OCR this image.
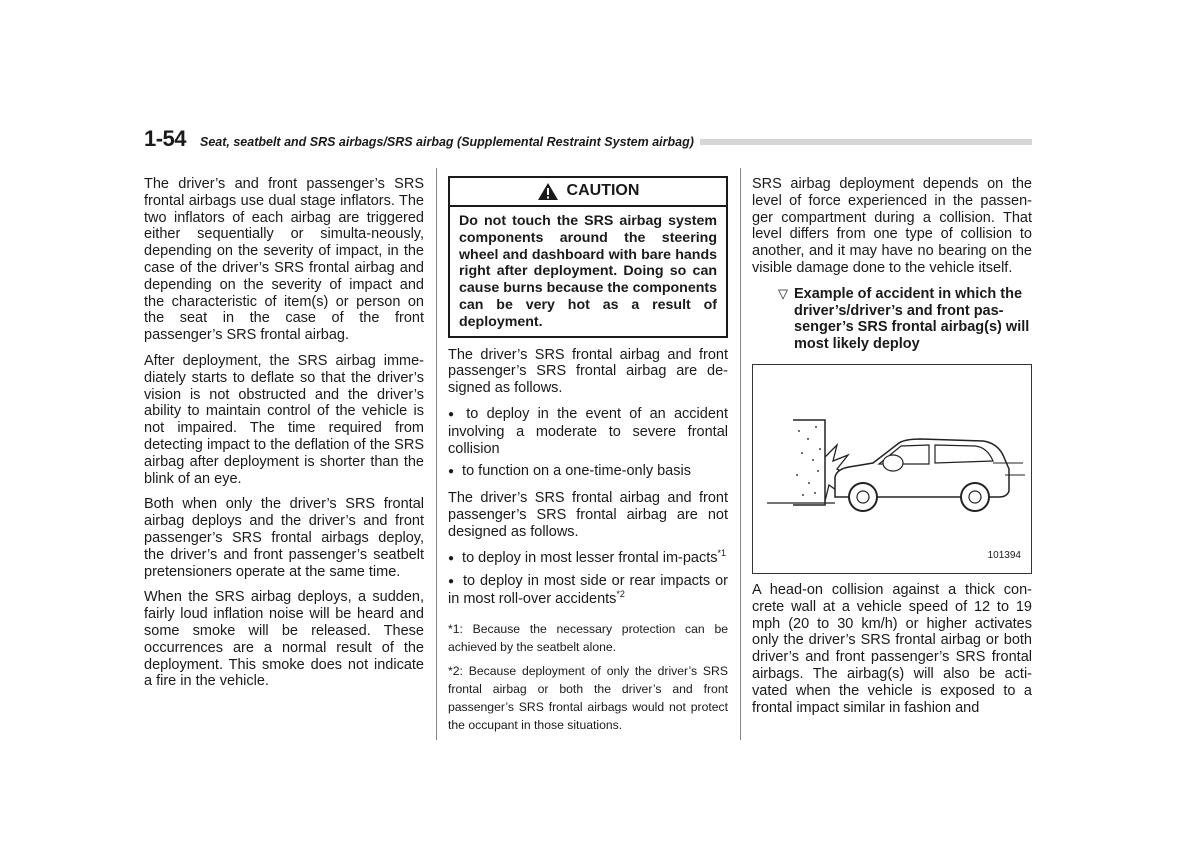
1-54 Seat, seatbelt and SRS airbags/SRS airbag (Supplemental Restraint System airbag)

The driver’s and front passenger’s SRS frontal airbags use dual stage inflators. The two inflators of each airbag are triggered either sequentially or simulta-neously, depending on the severity of impact, in the case of the driver’s SRS frontal airbag and depending on the severity of impact and the characteristic of item(s) or person on the seat in the case of the front passenger’s SRS frontal airbag.

After deployment, the SRS airbag imme-diately starts to deflate so that the driver’s vision is not obstructed and the driver’s ability to maintain control of the vehicle is not impaired. The time required from detecting impact to the deflation of the SRS airbag after deployment is shorter than the blink of an eye.

Both when only the driver’s SRS frontal airbag deploys and the driver’s and front passenger’s SRS frontal airbags deploy, the driver’s and front passenger’s seatbelt pretensioners operate at the same time.

When the SRS airbag deploys, a sudden, fairly loud inflation noise will be heard and some smoke will be released. These occurrences are a normal result of the deployment. This smoke does not indicate a fire in the vehicle.

CAUTION
Do not touch the SRS airbag system components around the steering wheel and dashboard with bare hands right after deployment. Doing so can cause burns because the components can be very hot as a result of deployment.

The driver’s SRS frontal airbag and front passenger’s SRS frontal airbag are de-signed as follows.

● to deploy in the event of an accident involving a moderate to severe frontal collision
● to function on a one-time-only basis

The driver’s SRS frontal airbag and front passenger’s SRS frontal airbag are not designed as follows.

● to deploy in most lesser frontal im-pacts$^{*1}$
● to deploy in most side or rear impacts or in most roll-over accidents$^{*2}$
*1: Because the necessary protection can be achieved by the seatbelt alone.
*2: Because deployment of only the driver’s SRS frontal airbag or both the driver’s and front passenger’s SRS frontal airbags would not protect the occupant in those situations.

SRS airbag deployment depends on the level of force experienced in the passen-ger compartment during a collision. That level differs from one type of collision to another, and it may have no bearing on the visible damage done to the vehicle itself.

▽ Example of accident in which the driver’s/driver’s and front pas-senger’s SRS frontal airbag(s) will most likely deploy
101394

A head-on collision against a thick con-crete wall at a vehicle speed of 12 to 19 mph (20 to 30 km/h) or higher activates only the driver’s SRS frontal airbag or both driver’s and front passenger’s SRS frontal airbags. The airbag(s) will also be acti-vated when the vehicle is exposed to a frontal impact similar in fashion and
